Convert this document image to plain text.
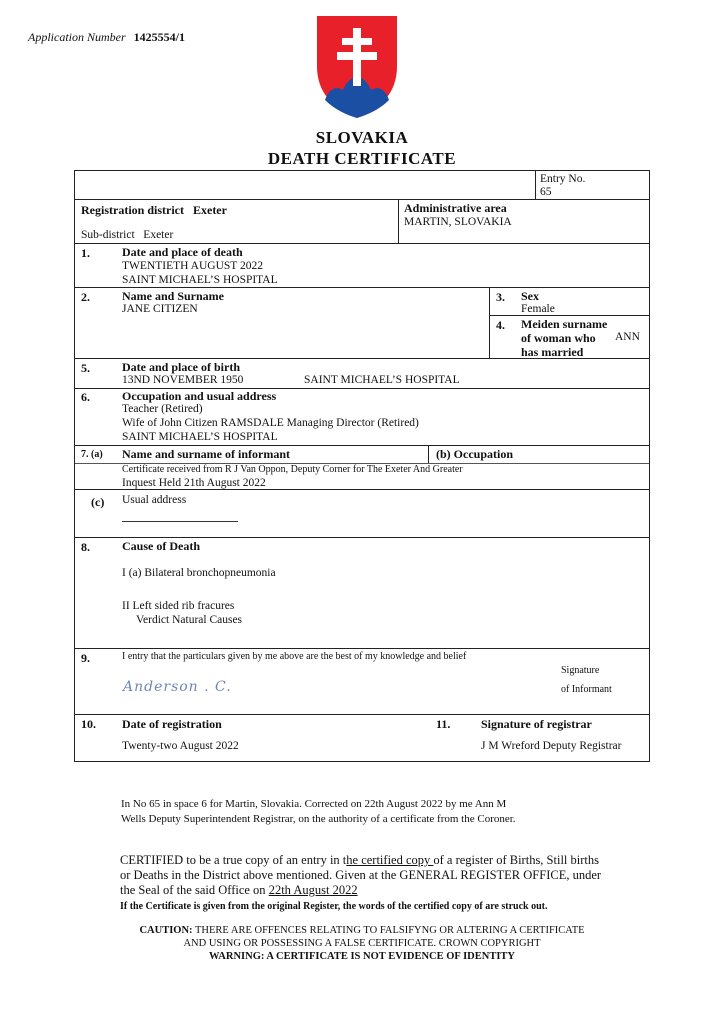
Application Number 1425554/1
SLOVAKIA
DEATH CERTIFICATE
Entry No.
65
Registration district Exeter
Sub-district Exeter
Administrative area
MARTIN, SLOVAKIA
1.	Date and place of death
TWENTIETH AUGUST 2022
SAINT MICHAEL’S HOSPITAL
2.	Name and Surname
JANE CITIZEN
3. Sex
Female
4. Meiden surname
of woman who
has married
ANN
5.	Date and place of birth
13ND NOVEMBER 1950	SAINT MICHAEL’S HOSPITAL
6.	Occupation and usual address
Teacher (Retired)
Wife of John Citizen RAMSDALE Managing Director (Retired)
SAINT MICHAEL’S HOSPITAL
7. (a) Name and surname of informant	(b) Occupation
Certificate received from R J Van Oppon, Deputy Corner for The Exeter And Greater
Inquest Held 21th August 2022
(c) Usual address
8.	Cause of Death
I (a) Bilateral bronchopneumonia
II Left sided rib fracures
Verdict Natural Causes
9.	I entry that the particulars given by me above are the best of my knowledge and belief
Anderson . C.
Signature
of Informant
10. Date of registration
Twenty-two August 2022
11.	Signature of registrar
J M Wreford Deputy Registrar
In No 65 in space 6 for Martin, Slovakia. Corrected on 22th August 2022 by me Ann M
Wells Deputy Superintendent Registrar, on the authority of a certificate from the Coroner.
CERTIFIED to be a true copy of an entry in the certified copy of a register of Births, Still births
or Deaths in the District above mentioned. Given at the GENERAL REGISTER OFFICE, under
the Seal of the said Office on 22th August 2022
If the Certificate is given from the original Register, the words of the certified copy of are struck out.
CAUTION: THERE ARE OFFENCES RELATING TO FALSIFYNG OR ALTERING A CERTIFICATE
AND USING OR POSSESSING A FALSE CERTIFICATE. CROWN COPYRIGHT
WARNING: A CERTIFICATE IS NOT EVIDENCE OF IDENTITY
